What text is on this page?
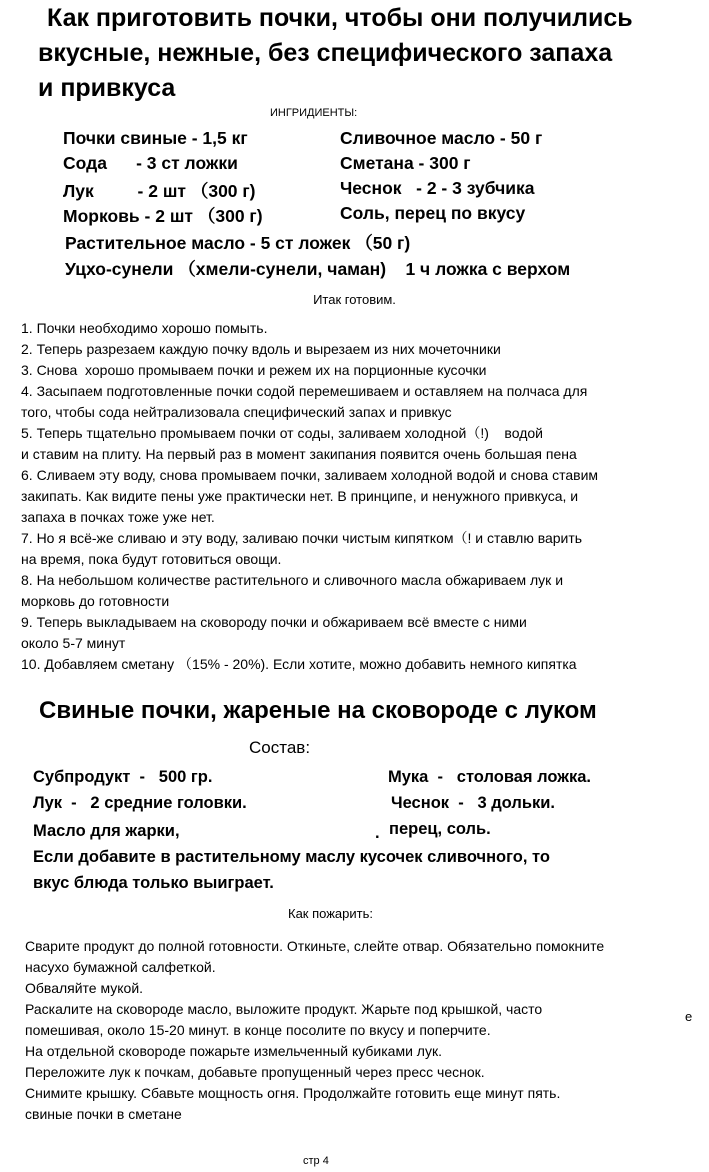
Как приготовить почки, чтобы они получились
вкусные, нежные, без специфического запаха
и привкуса
ИНГРИДИЕНТЫ:
Почки свиные - 1,5 кг
Сода      - 3 ст ложки
Лук         - 2 шт （300 г)
Морковь - 2 шт （300 г)
Сливочное масло - 50 г
Сметана - 300 г
Чеснок   - 2 - 3 зубчика
Соль, перец по вкусу
Растительное масло - 5 ст ложек （50 г)
Уцхо-сунели （хмели-сунели, чаман)    1 ч ложка с верхом
Итак готовим.
1. Почки необходимо хорошо помыть.
2. Теперь разрезаем каждую почку вдоль и вырезаем из них мочеточники
3. Снова  хорошо промываем почки и режем их на порционные кусочки
4. Засыпаем подготовленные почки содой перемешиваем и оставляем на полчаса для
того, чтобы сода нейтрализовала специфический запах и привкус
5. Теперь тщательно промываем почки от соды, заливаем холодной（!)    водой
и ставим на плиту. На первый раз в момент закипания появится очень большая пена
6. Сливаем эту воду, снова промываем почки, заливаем холодной водой и снова ставим
закипать. Как видите пены уже практически нет. В принципе, и ненужного привкуса, и
запаха в почках тоже уже нет.
7. Но я всё-же сливаю и эту воду, заливаю почки чистым кипятком（! и ставлю варить
на время, пока будут готовиться овощи.
8. На небольшом количестве растительного и сливочного масла обжариваем лук и
морковь до готовности
9. Теперь выкладываем на сковороду почки и обжариваем всё вместе с ними
около 5-7 минут
10. Добавляем сметану （15% - 20%). Если хотите, можно добавить немного кипятка
Свиные почки, жареные на сковороде с луком
Состав:
Субпродукт  -   500 гр.
Лук  -   2 средние головки.
Масло для жарки,
Мука  -   столовая ложка.
Чеснок  -   3 дольки.
перец, соль.
.
Если добавите в растительному маслу кусочек сливочного, то
вкус блюда только выиграет.
Как пожарить:
Сварите продукт до полной готовности. Откиньте, слейте отвар. Обязательно помокните
насухо бумажной салфеткой.
Обваляйте мукой.
Раскалите на сковороде масло, выложите продукт. Жарьте под крышкой, часто
помешивая, около 15-20 минут. в конце посолите по вкусу и поперчите.
На отдельной сковороде пожарьте измельченный кубиками лук.
Переложите лук к почкам, добавьте пропущенный через пресс чеснок.
Снимите крышку. Сбавьте мощность огня. Продолжайте готовить еще минут пять.
свиные почки в сметане
е
стр 4
